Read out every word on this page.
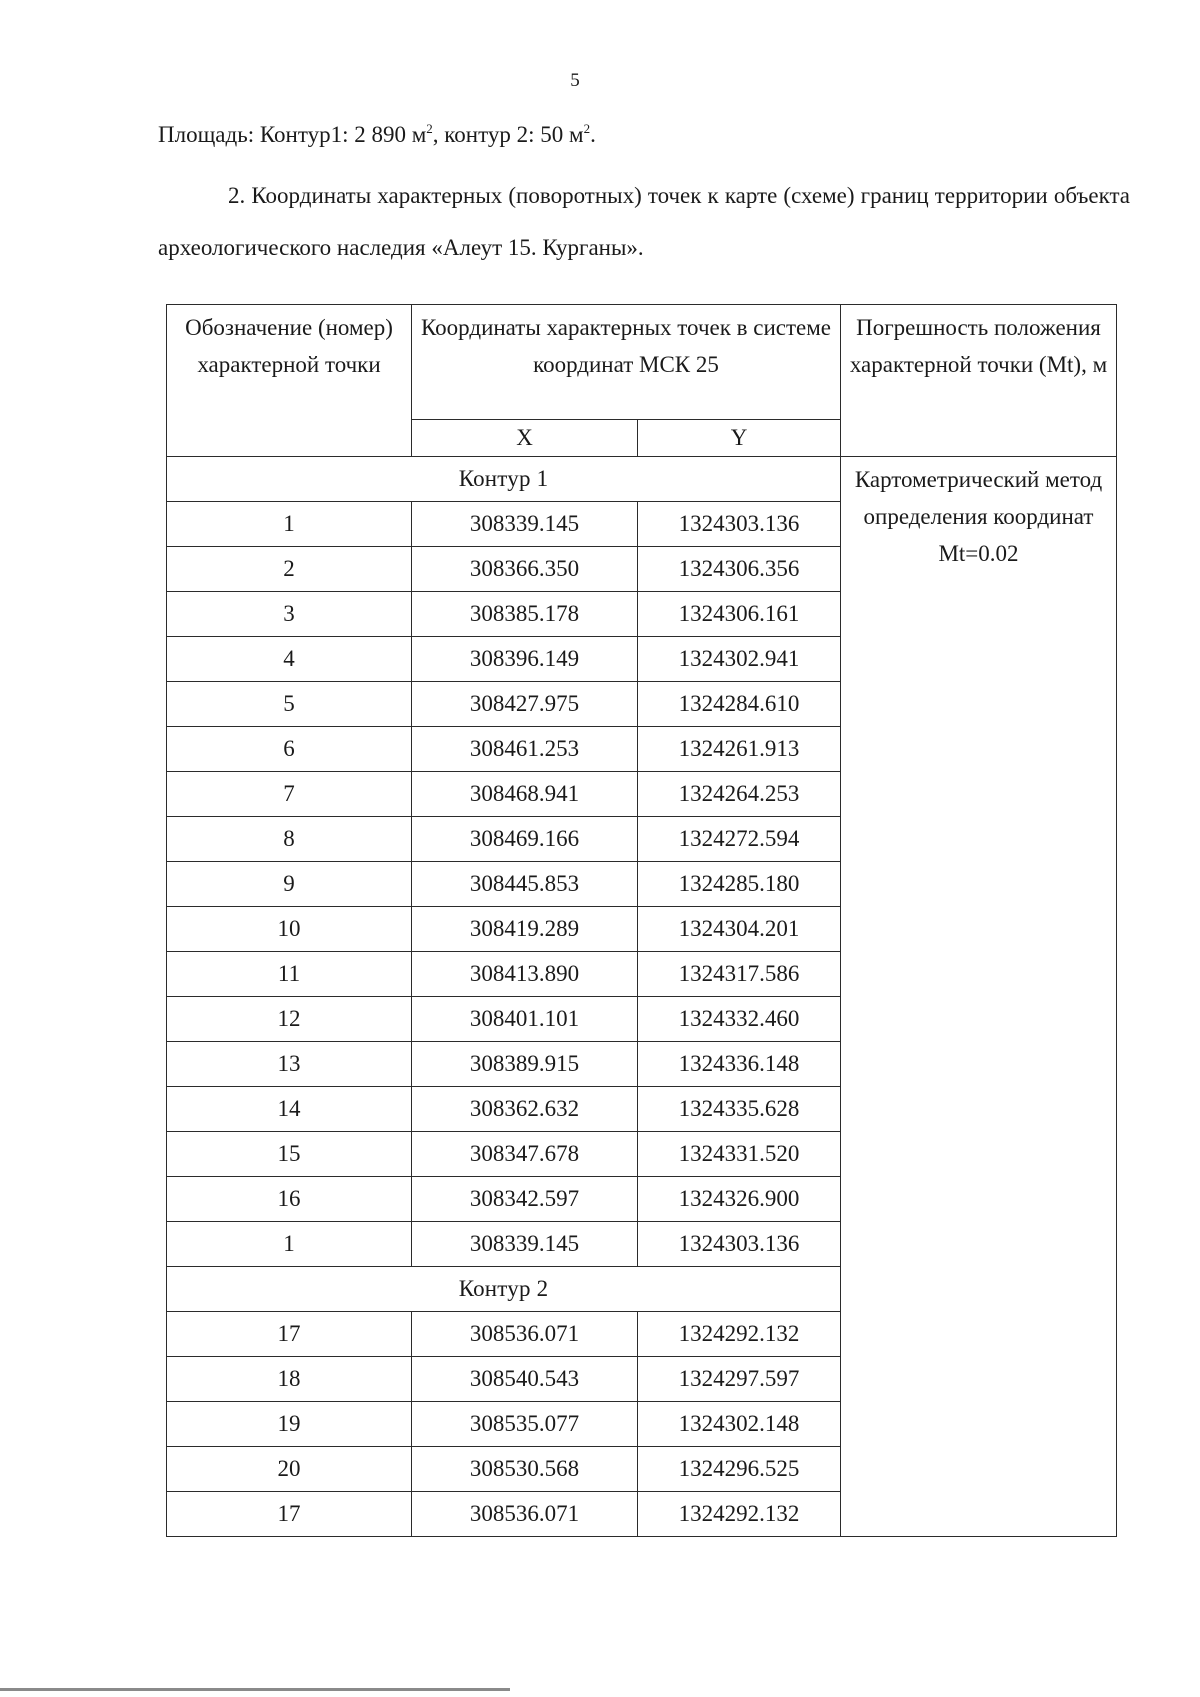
5
Площадь: Контур1: 2 890 $м^2$, контур 2: 50 $м^2$.

2. Координаты характерных (поворотных) точек к карте (схеме) границ территории объекта археологического наследия «Алеут 15. Курганы».

Обозначение (номер) характерной точки	Координаты характерных точек в системе координат МСК 25		Погрешность положения характерной точки (Mt), м
	X	Y	
Контур 1			Картометрический метод определения координат Mt=0.02
1	308339.145	1324303.136	
2	308366.350	1324306.356	
3	308385.178	1324306.161	
4	308396.149	1324302.941	
5	308427.975	1324284.610	
6	308461.253	1324261.913	
7	308468.941	1324264.253	
8	308469.166	1324272.594	
9	308445.853	1324285.180	
10	308419.289	1324304.201	
11	308413.890	1324317.586	
12	308401.101	1324332.460	
13	308389.915	1324336.148	
14	308362.632	1324335.628	
15	308347.678	1324331.520	
16	308342.597	1324326.900	
1	308339.145	1324303.136	
Контур 2			
17	308536.071	1324292.132	
18	308540.543	1324297.597	
19	308535.077	1324302.148	
20	308530.568	1324296.525	
17	308536.071	1324292.132	
